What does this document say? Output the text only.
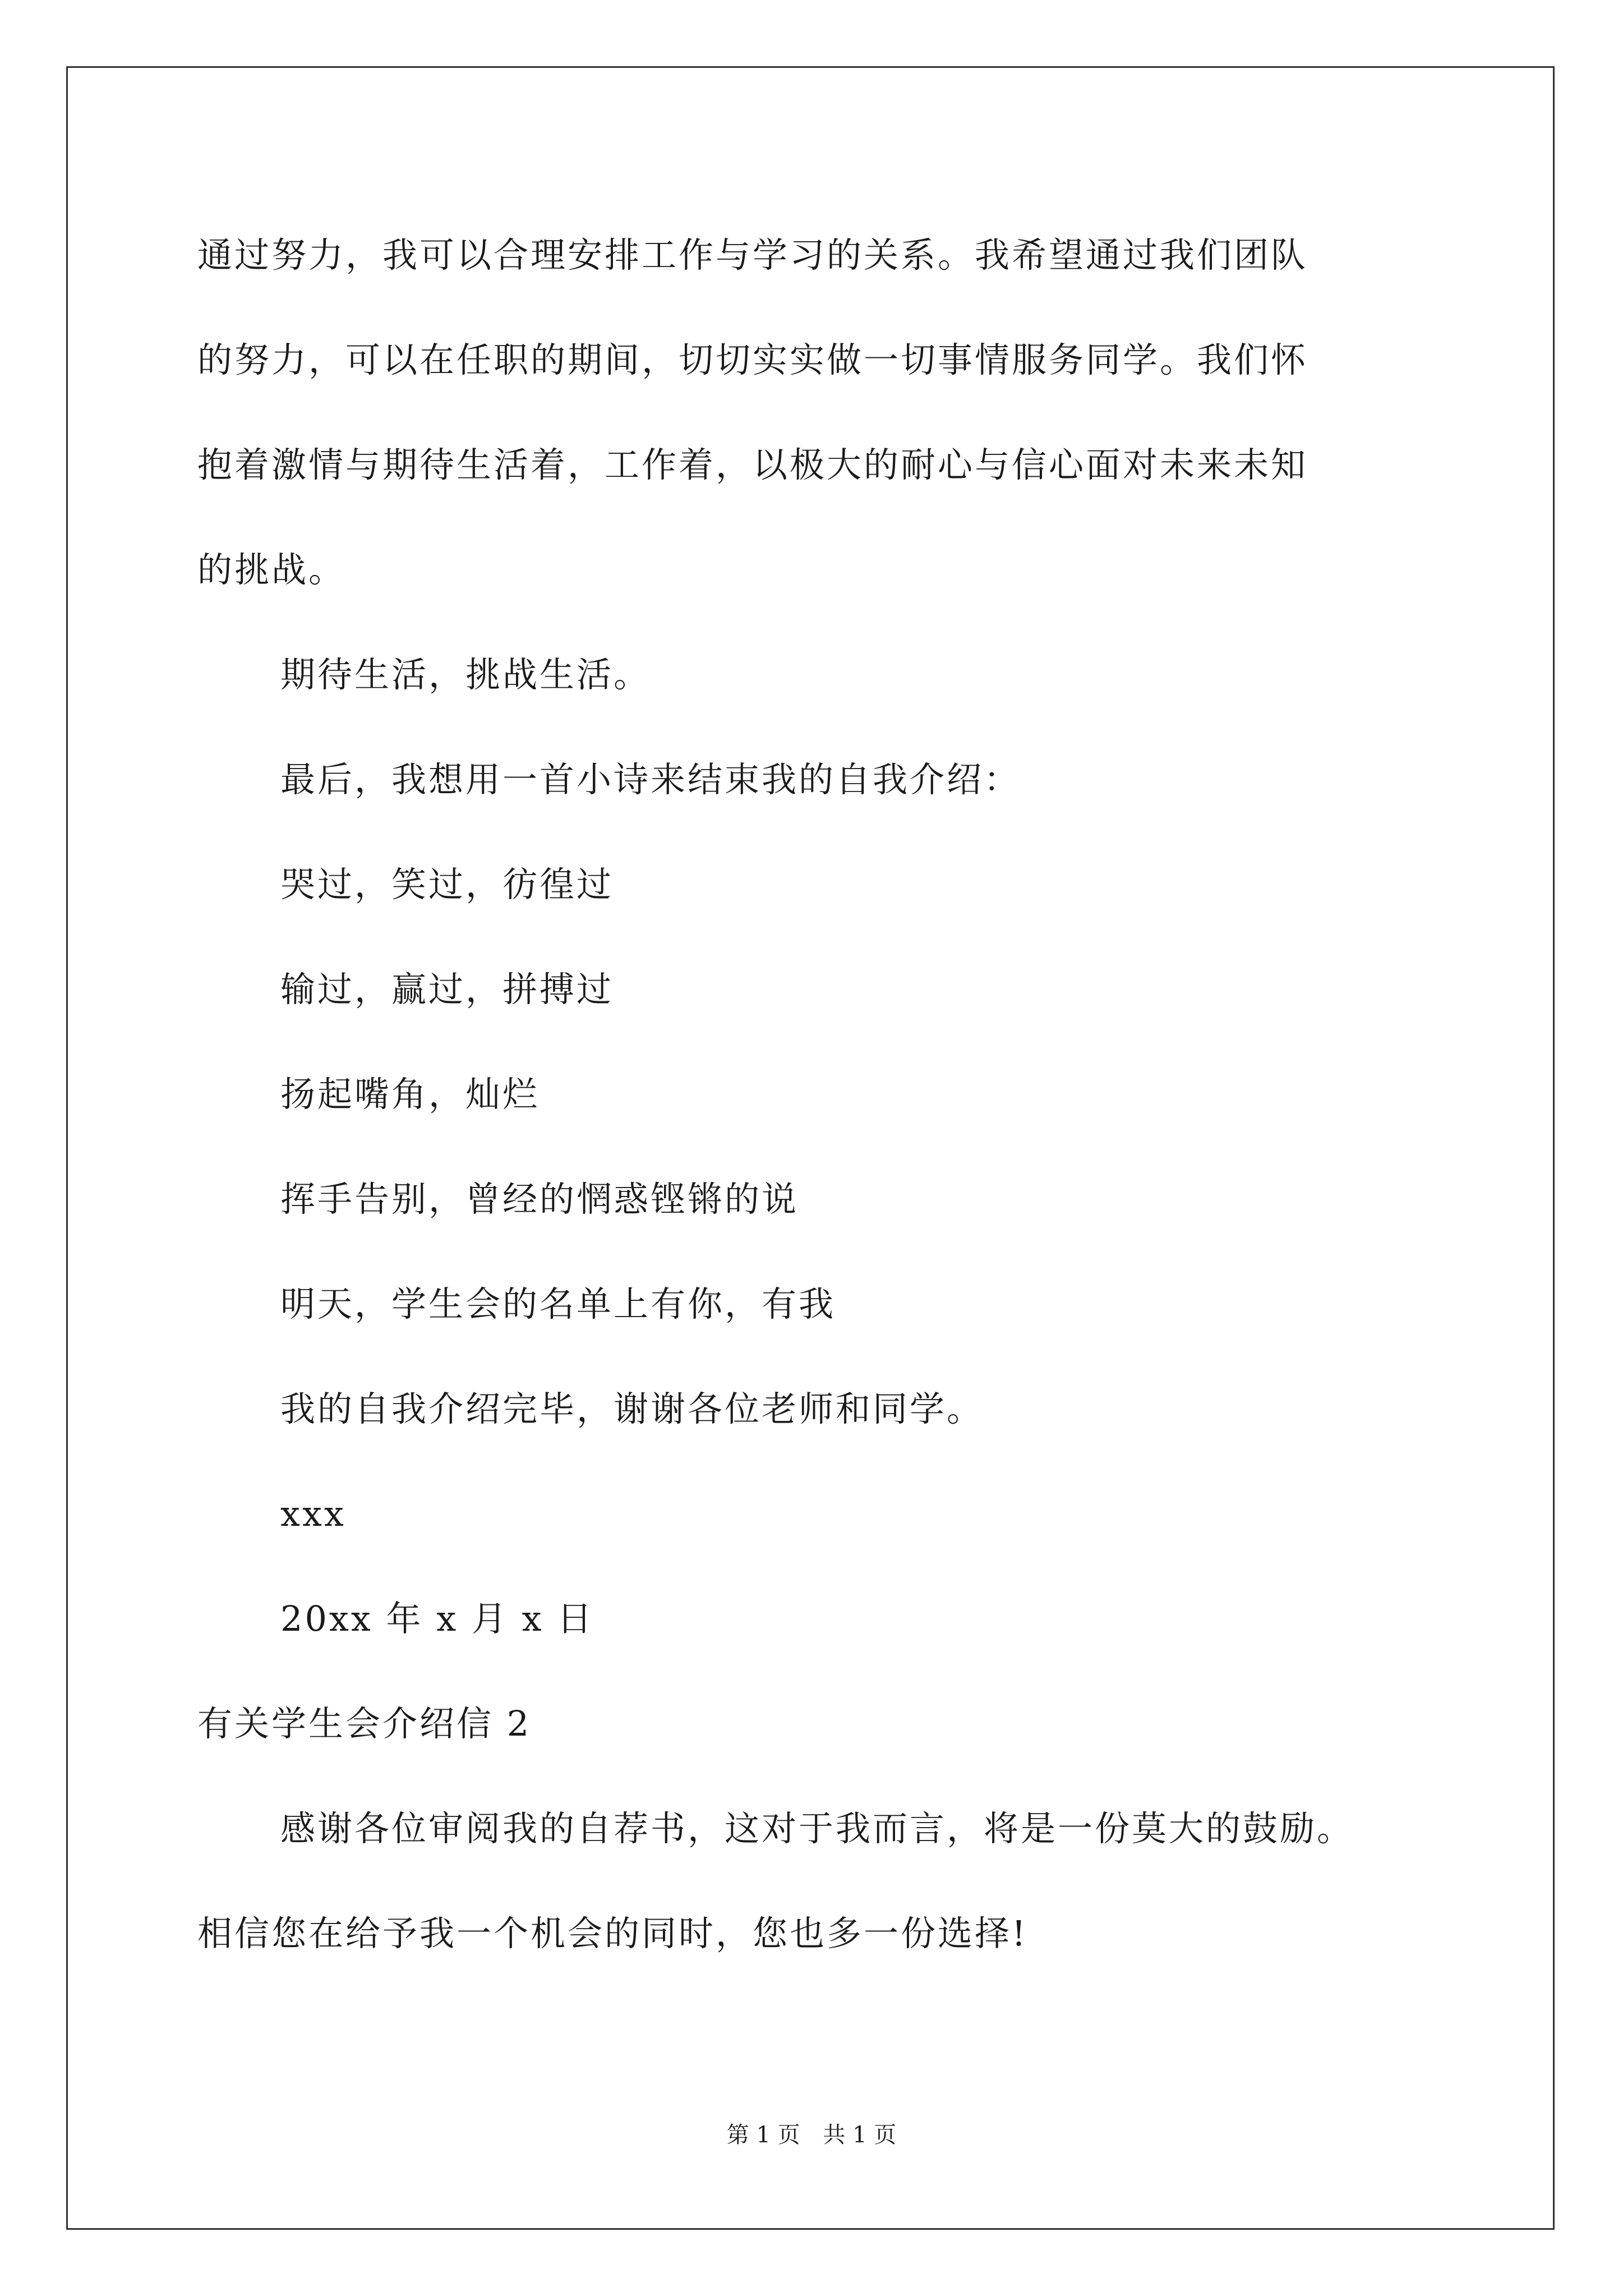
通过努力，我可以合理安排工作与学习的关系。我希望通过我们团队
的努力，可以在任职的期间，切切实实做一切事情服务同学。我们怀
抱着激情与期待生活着，工作着，以极大的耐心与信心面对未来未知
的挑战。
期待生活，挑战生活。
最后，我想用一首小诗来结束我的自我介绍：
哭过，笑过，彷徨过
输过，赢过，拼搏过
扬起嘴角，灿烂
挥手告别，曾经的惘惑铿锵的说
明天，学生会的名单上有你，有我
我的自我介绍完毕，谢谢各位老师和同学。
xxx
20xx 年 x 月 x 日
有关学生会介绍信 2
感谢各位审阅我的自荐书，这对于我而言，将是一份莫大的鼓励。
相信您在给予我一个机会的同时，您也多一份选择!
第 1 页 共 1 页
